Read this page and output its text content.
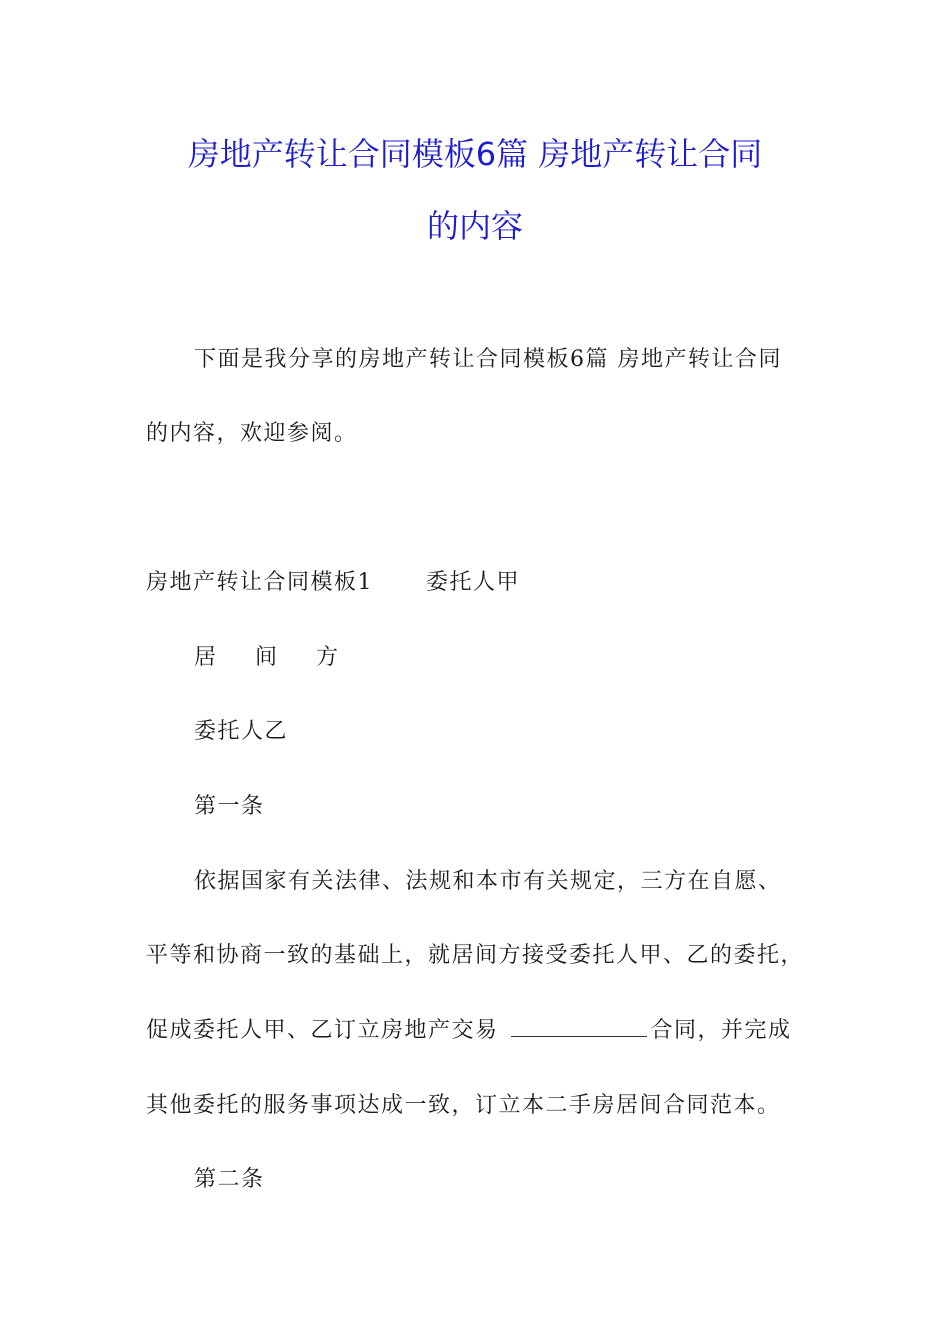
房地产转让合同模板6篇 房地产转让合同
的内容
下面是我分享的房地产转让合同模板6篇 房地产转让合同
的内容，欢迎参阅。
房地产转让合同模板1 委托人甲
居 间 方
委托人乙
第一条
依据国家有关法律、法规和本市有关规定，三方在自愿、
平等和协商一致的基础上，就居间方接受委托人甲、乙的委托，
促成委托人甲、乙订立房地产交易	合同，并完成
其他委托的服务事项达成一致，订立本二手房居间合同范本。
第二条
